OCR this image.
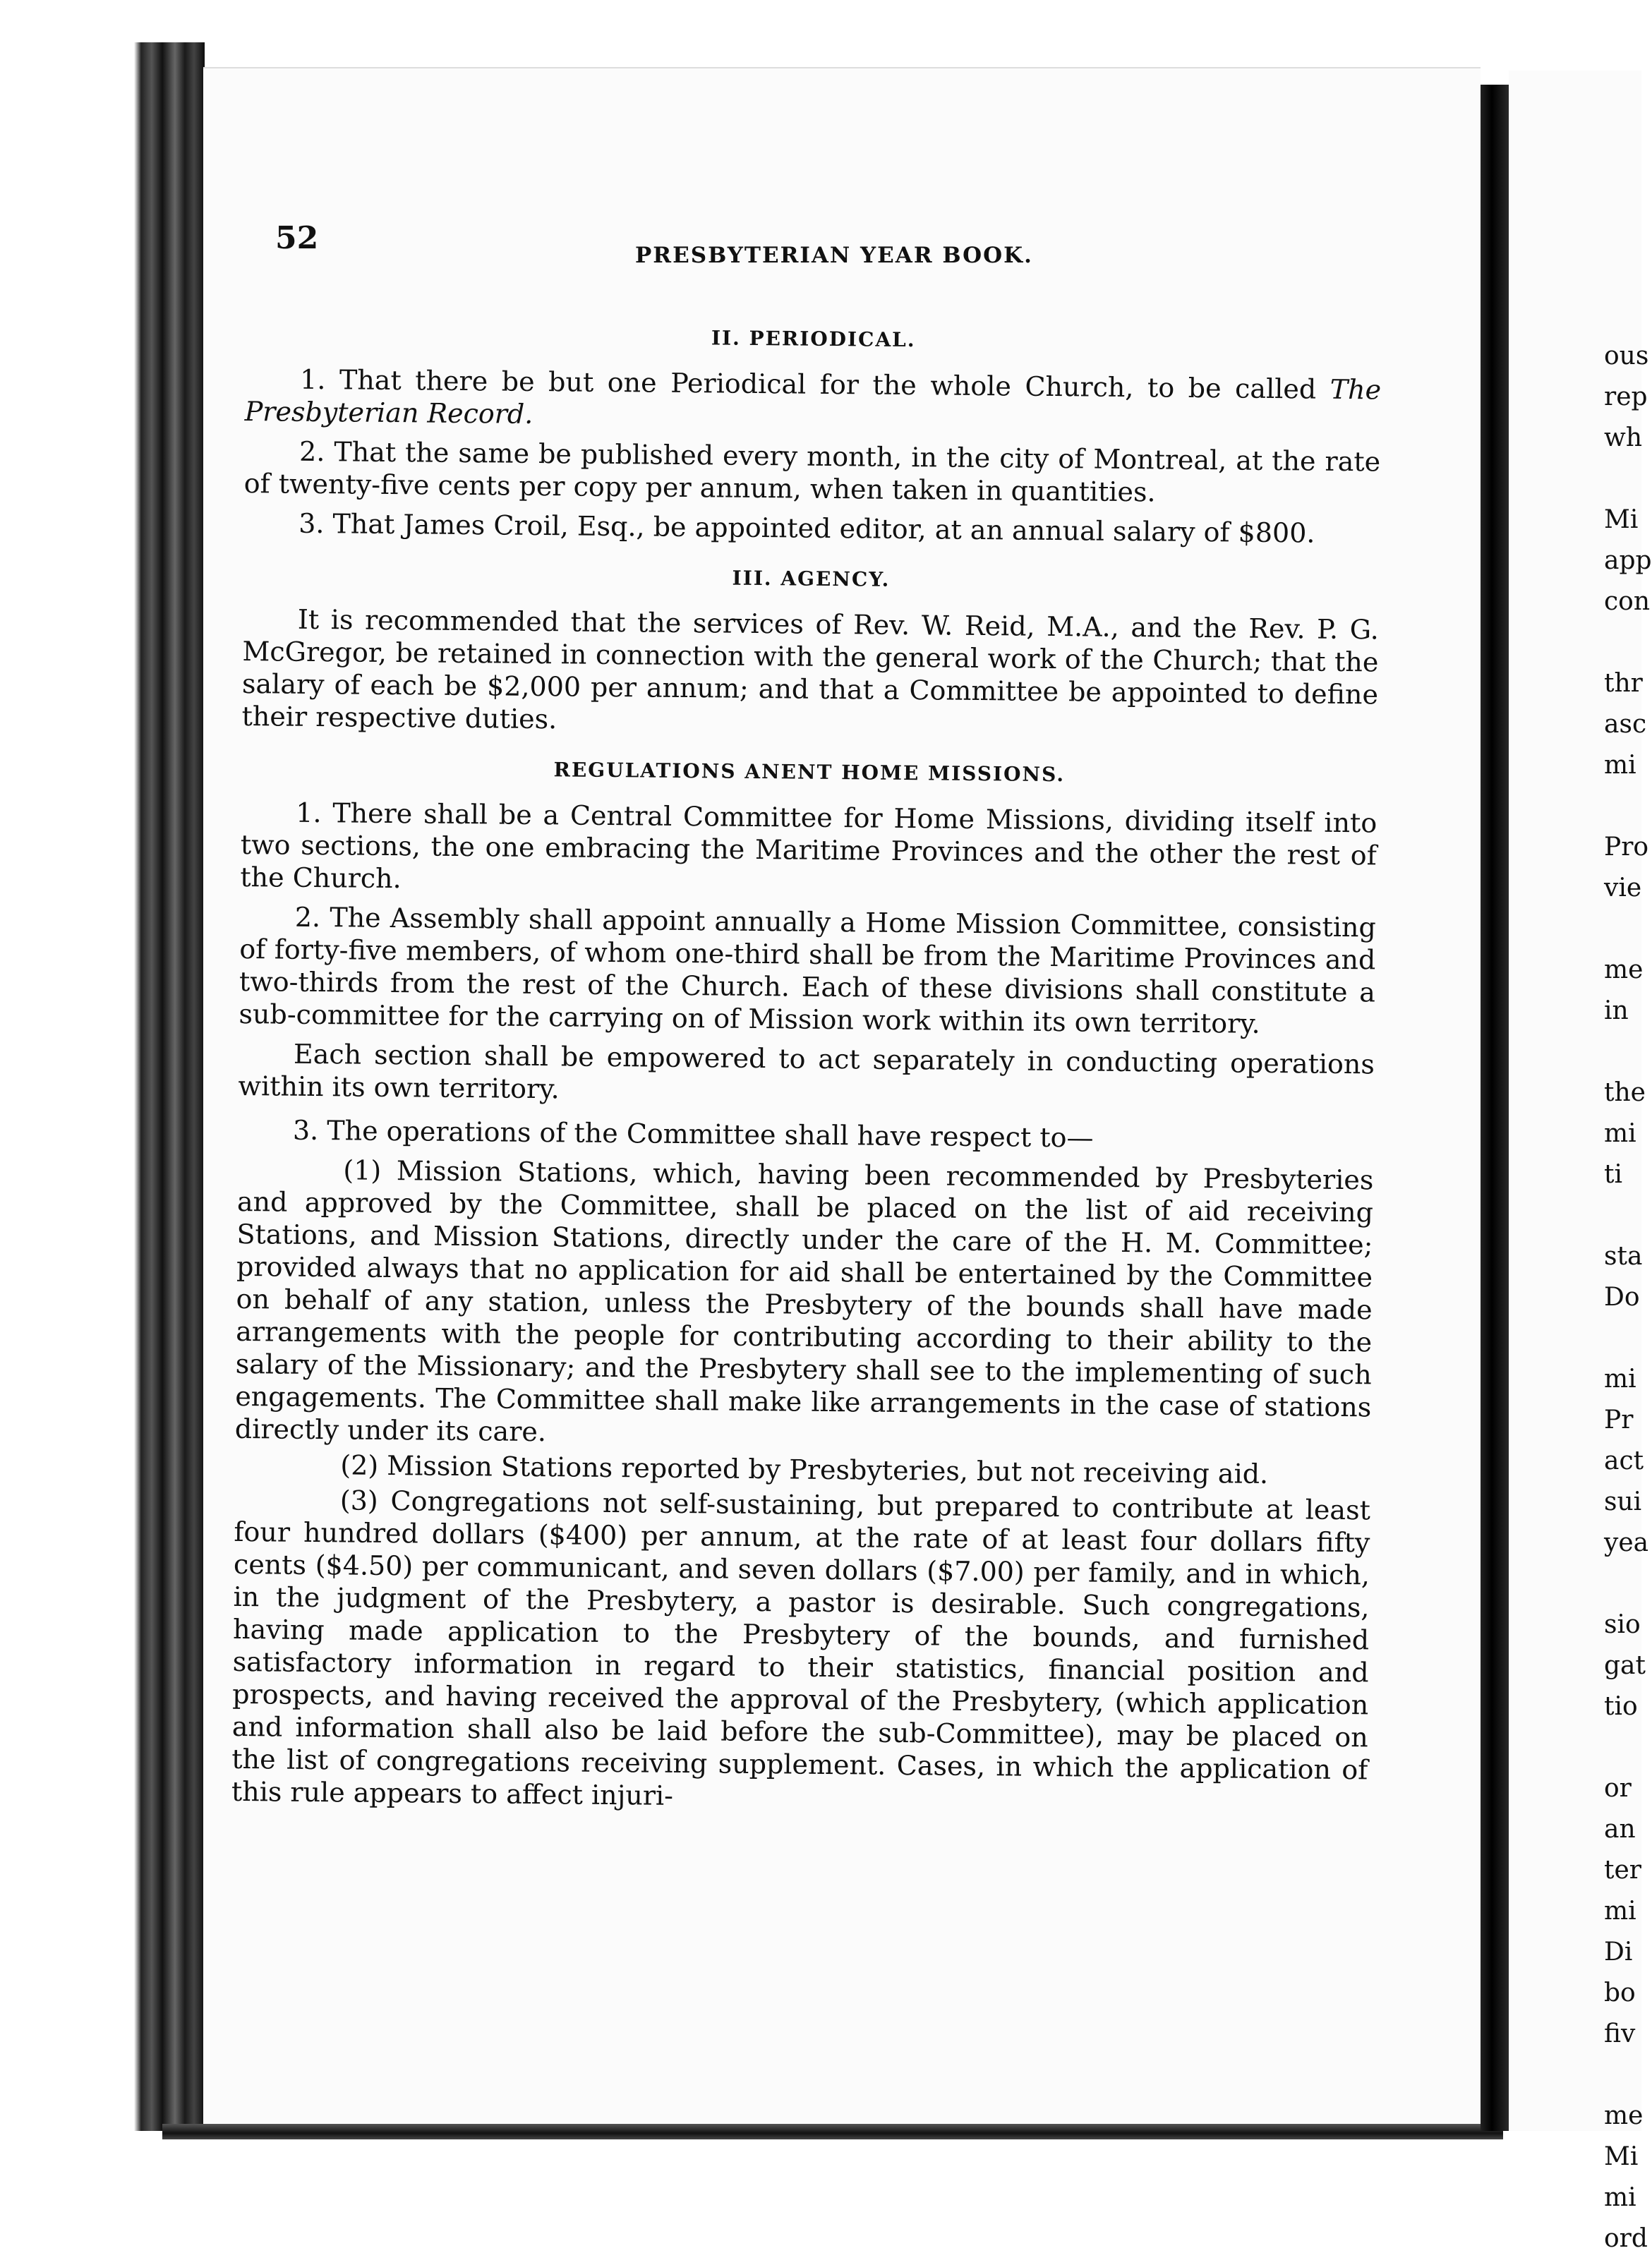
ous
rep
wh
Mi
app
con
thr
asc
mi
Pro
vie
me
in
the
mi
ti
sta
Do
mi
Pr
act
sui
yea
sio
gat
tio
or
an
ter
mi
Di
bo
fiv
me
Mi
mi
ord
52	PRESBYTERIAN YEAR BOOK.
II. PERIODICAL.

1. That there be but one Periodical for the whole Church, to be called The Presbyterian Record.

2. That the same be published every month, in the city of Montreal, at the rate of twenty-five cents per copy per annum, when taken in quantities.

3. That James Croil, Esq., be appointed editor, at an annual salary of $800.

III. AGENCY.

It is recommended that the services of Rev. W. Reid, M.A., and the Rev. P. G. McGregor, be retained in connection with the general work of the Church; that the salary of each be $2,000 per annum; and that a Committee be appointed to define their respective duties.

REGULATIONS ANENT HOME MISSIONS.

1. There shall be a Central Committee for Home Missions, dividing itself into two sections, the one embracing the Maritime Provinces and the other the rest of the Church.

2. The Assembly shall appoint annually a Home Mission Committee, consisting of forty-five members, of whom one-third shall be from the Maritime Provinces and two-thirds from the rest of the Church. Each of these divisions shall constitute a sub-committee for the carrying on of Mission work within its own territory.

Each section shall be empowered to act separately in conducting operations within its own territory.

3. The operations of the Committee shall have respect to—

(1) Mission Stations, which, having been recommended by Presbyteries and approved by the Committee, shall be placed on the list of aid receiving Stations, and Mission Stations, directly under the care of the H. M. Committee; provided always that no application for aid shall be entertained by the Committee on behalf of any station, unless the Presbytery of the bounds shall have made arrangements with the people for contributing according to their ability to the salary of the Missionary; and the Presbytery shall see to the implementing of such engagements. The Committee shall make like arrangements in the case of stations directly under its care.

(2) Mission Stations reported by Presbyteries, but not receiving aid.

(3) Congregations not self-sustaining, but prepared to contribute at least four hundred dollars ($400) per annum, at the rate of at least four dollars fifty cents ($4.50) per communicant, and seven dollars ($7.00) per family, and in which, in the judgment of the Presbytery, a pastor is desirable. Such congregations, having made application to the Presbytery of the bounds, and furnished satisfactory information in regard to their statistics, financial position and prospects, and having received the approval of the Presbytery, (which application and information shall also be laid before the sub-Committee), may be placed on the list of congregations receiving supplement. Cases, in which the application of this rule appears to affect injuri-
